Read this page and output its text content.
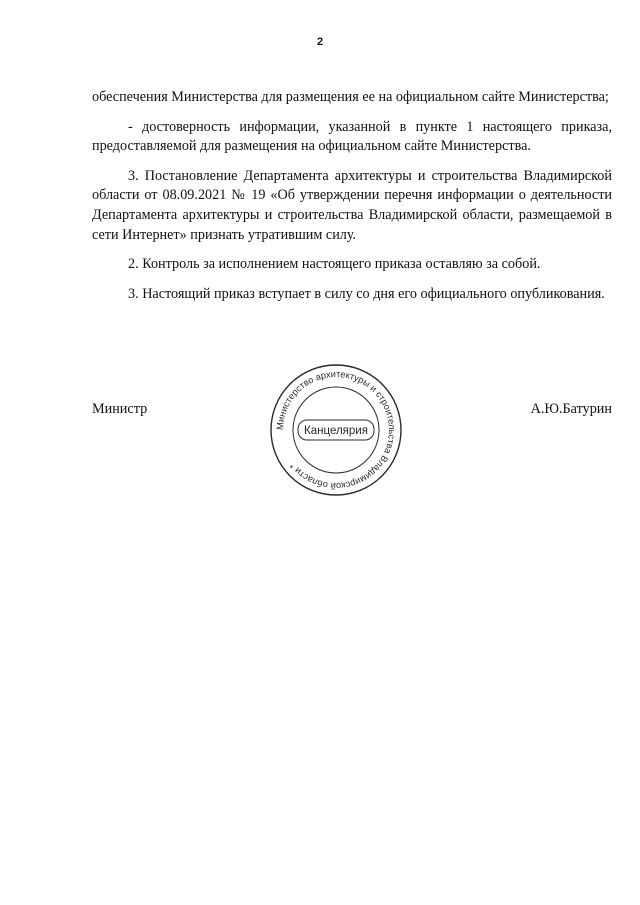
2

обеспечения Министерства для размещения ее на официальном сайте Министерства;

- достоверность информации, указанной в пункте 1 настоящего приказа, предоставляемой для размещения на официальном сайте Министерства.

3. Постановление Департамента архитектуры и строительства Владимирской области от 08.09.2021 № 19 «Об утверждении перечня информации о деятельности Департамента архитектуры и строительства Владимирской области, размещаемой в сети Интернет» признать утратившим силу.

2. Контроль за исполнением настоящего приказа оставляю за собой.

3. Настоящий приказ вступает в силу со дня его официального опубликования.

Министр	А.Ю.Батурин
Министерство архитектуры и строительства Владимирской области *
Канцелярия
